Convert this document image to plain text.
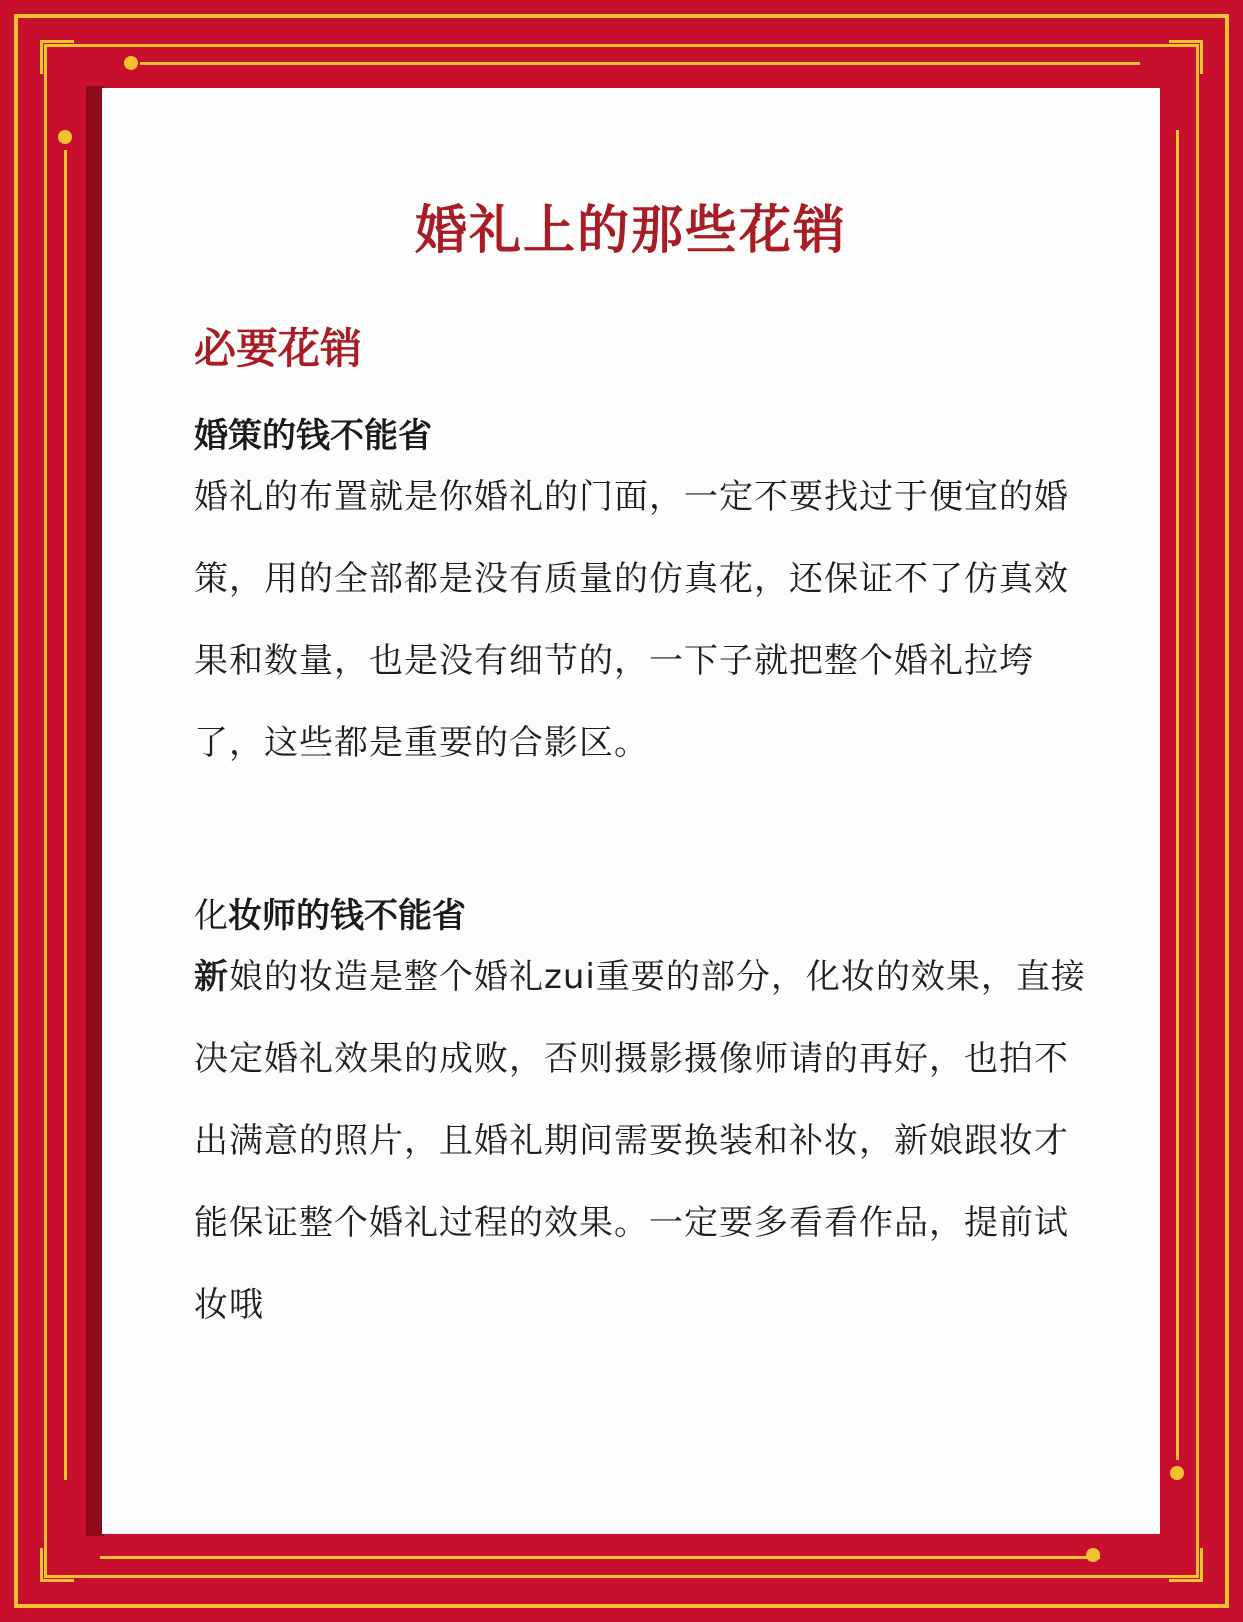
婚礼上的那些花销
必要花销
婚策的钱不能省

婚礼的布置就是你婚礼的门面，一定不要找过于便宜的婚策，用的全部都是没有质量的仿真花，还保证不了仿真效果和数量，也是没有细节的，一下子就把整个婚礼拉垮了，这些都是重要的合影区。

化妆师的钱不能省

新娘的妆造是整个婚礼zui重要的部分，化妆的效果，直接决定婚礼效果的成败，否则摄影摄像师请的再好，也拍不出满意的照片，且婚礼期间需要换装和补妆，新娘跟妆才能保证整个婚礼过程的效果。一定要多看看作品，提前试妆哦
